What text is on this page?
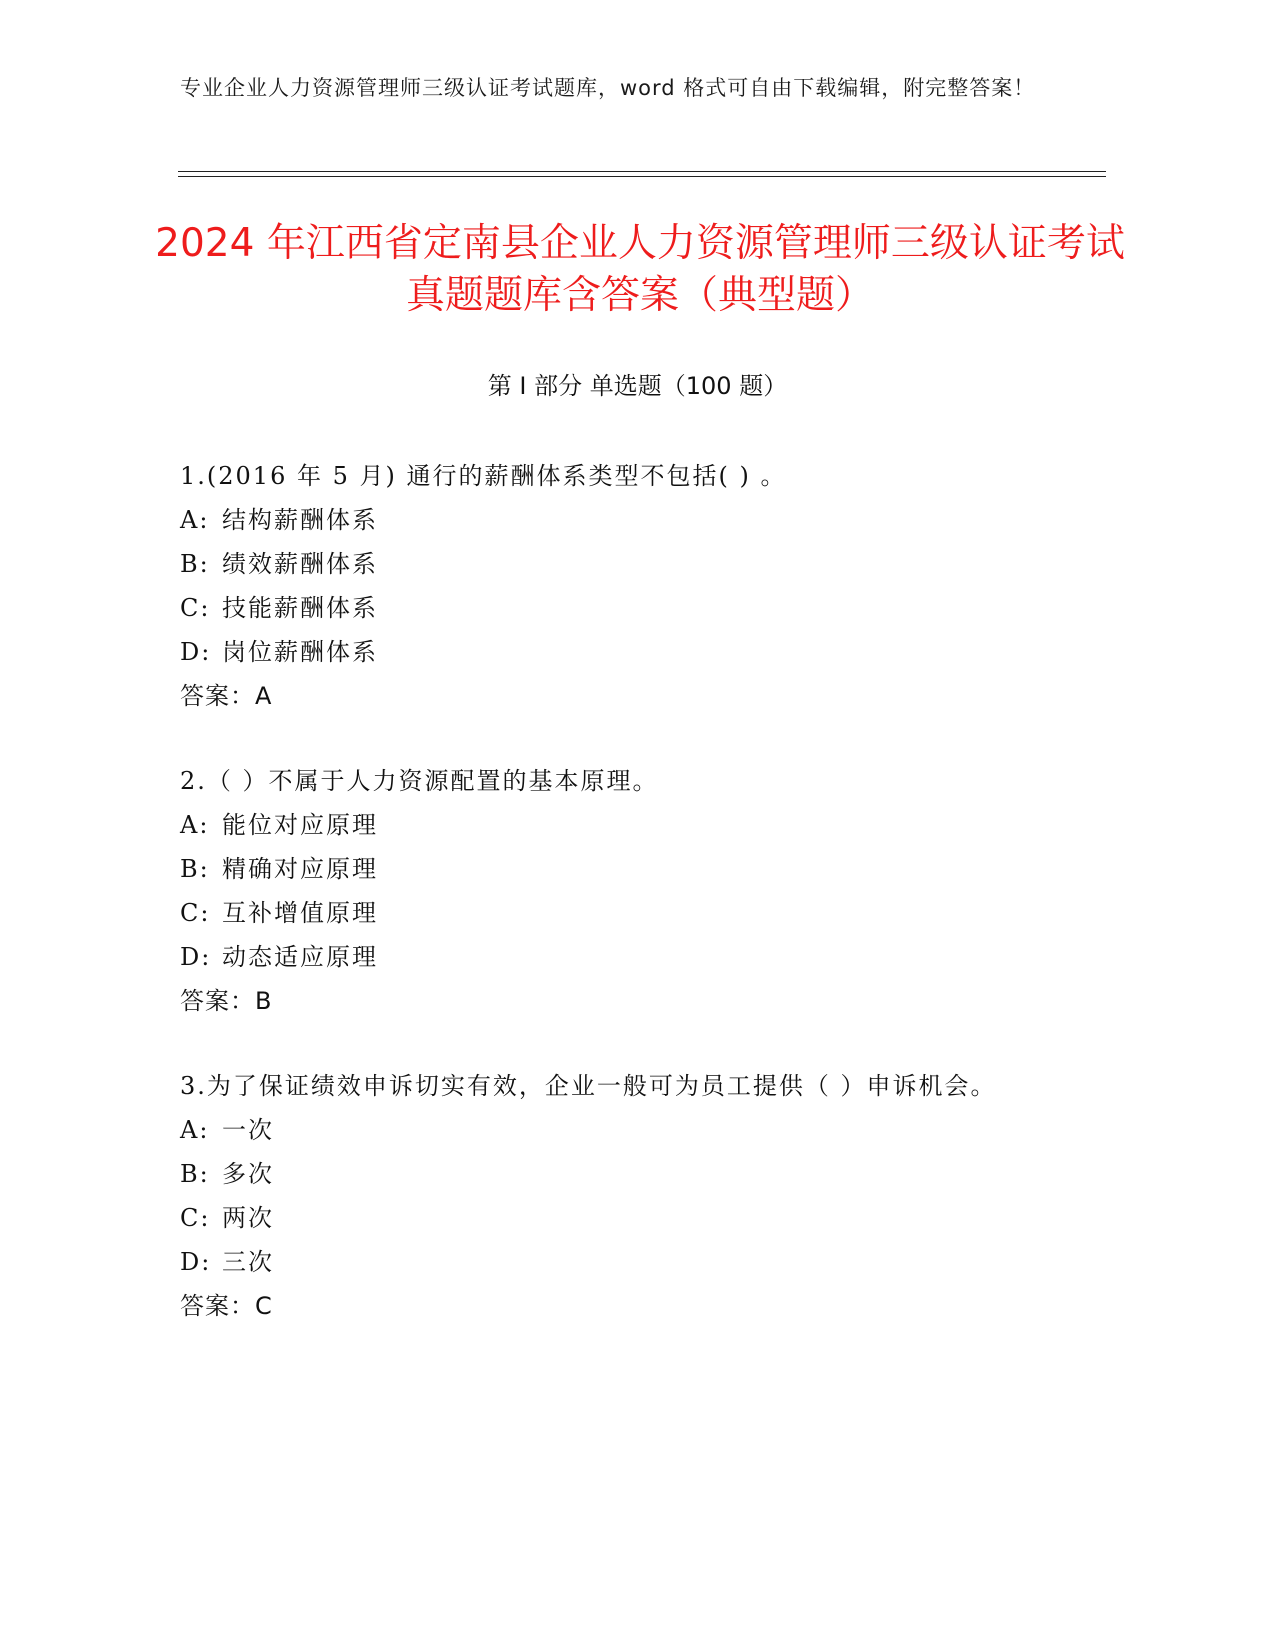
专业企业人力资源管理师三级认证考试题库，word 格式可自由下载编辑，附完整答案！
2024 年江西省定南县企业人力资源管理师三级认证考试真题题库含答案（典型题）
第 I 部分 单选题（100 题）
1.(2016 年 5 月) 通行的薪酬体系类型不包括( ) 。
A: 结构薪酬体系
B: 绩效薪酬体系
C: 技能薪酬体系
D: 岗位薪酬体系
答案：A
2.（ ）不属于人力资源配置的基本原理。
A: 能位对应原理
B: 精确对应原理
C: 互补增值原理
D: 动态适应原理
答案：B
3.为了保证绩效申诉切实有效，企业一般可为员工提供（ ）申诉机会。
A: 一次
B: 多次
C: 两次
D: 三次
答案：C
